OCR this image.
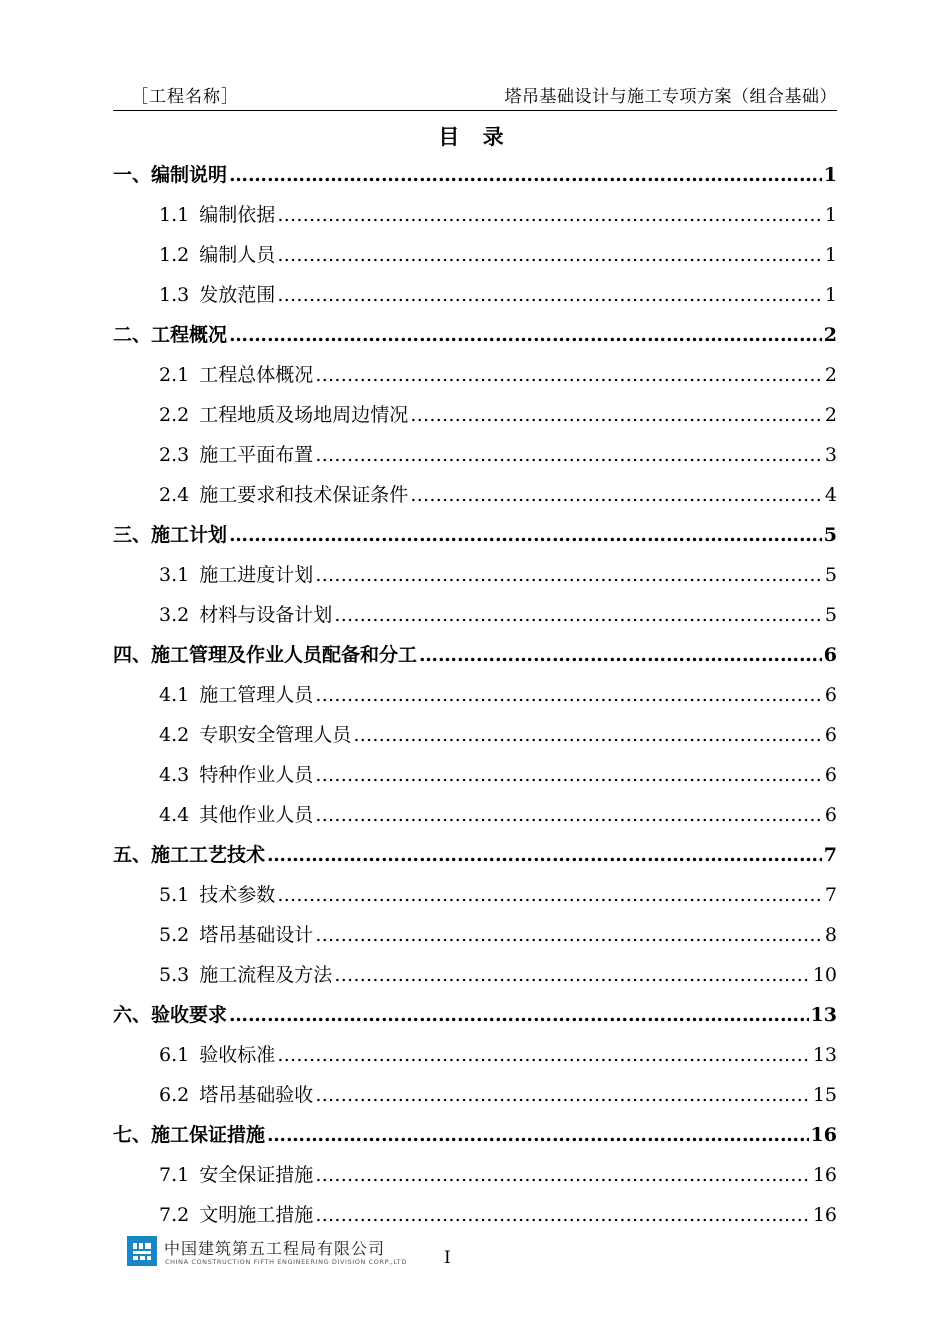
［工程名称］	塔吊基础设计与施工专项方案（组合基础）
目 录
一、编制说明 …………………………………………………………………………………………………………………………………………………………………………………………	1
1.1 编制依据 …………………………………………………………………………………………………………………………………………………………………………………………	1
1.2 编制人员 …………………………………………………………………………………………………………………………………………………………………………………………	1
1.3 发放范围 …………………………………………………………………………………………………………………………………………………………………………………………	1
二、工程概况 …………………………………………………………………………………………………………………………………………………………………………………………	2
2.1 工程总体概况 …………………………………………………………………………………………………………………………………………………………………………………………	2
2.2 工程地质及场地周边情况 …………………………………………………………………………………………………………………………………………………………………………………………	2
2.3 施工平面布置 …………………………………………………………………………………………………………………………………………………………………………………………	3
2.4 施工要求和技术保证条件 …………………………………………………………………………………………………………………………………………………………………………………………	4
三、施工计划 …………………………………………………………………………………………………………………………………………………………………………………………	5
3.1 施工进度计划 …………………………………………………………………………………………………………………………………………………………………………………………	5
3.2 材料与设备计划 …………………………………………………………………………………………………………………………………………………………………………………………	5
四、施工管理及作业人员配备和分工 …………………………………………………………………………………………………………………………………………………………………………………………	6
4.1 施工管理人员 …………………………………………………………………………………………………………………………………………………………………………………………	6
4.2 专职安全管理人员 …………………………………………………………………………………………………………………………………………………………………………………………	6
4.3 特种作业人员 …………………………………………………………………………………………………………………………………………………………………………………………	6
4.4 其他作业人员 …………………………………………………………………………………………………………………………………………………………………………………………	6
五、施工工艺技术 …………………………………………………………………………………………………………………………………………………………………………………………	7
5.1 技术参数 …………………………………………………………………………………………………………………………………………………………………………………………	7
5.2 塔吊基础设计 …………………………………………………………………………………………………………………………………………………………………………………………	8
5.3 施工流程及方法 …………………………………………………………………………………………………………………………………………………………………………………………	10
六、验收要求 …………………………………………………………………………………………………………………………………………………………………………………………	13
6.1 验收标准 …………………………………………………………………………………………………………………………………………………………………………………………	13
6.2 塔吊基础验收 …………………………………………………………………………………………………………………………………………………………………………………………	15
七、施工保证措施 …………………………………………………………………………………………………………………………………………………………………………………………	16
7.1 安全保证措施 …………………………………………………………………………………………………………………………………………………………………………………………	16
7.2 文明施工措施 …………………………………………………………………………………………………………………………………………………………………………………………	16
中国建筑第五工程局有限公司
CHINA CONSTRUCTION FIFTH ENGINEERING DIVISION CORP.,LTD I
